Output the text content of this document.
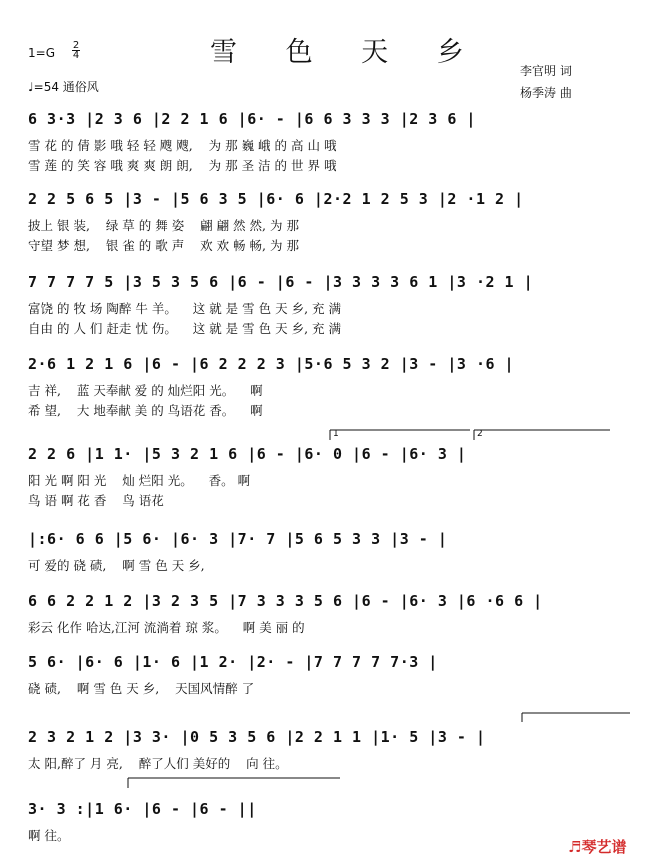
雪 色 天 乡
1=G
2
4
♩=54 通俗风
李官明 词
杨季涛 曲
6 3·3 |2 3 6 |2 2 1 6 |6· - |6 6 3 3 3 |2 3 6 |
雪 花 的 倩 影 哦 轻 轻 飕 飕,    为 那 巍 峨 的 高 山 哦
雪 莲 的 笑 容 哦 爽 爽 朗 朗,    为 那 圣 洁 的 世 界 哦
2 2 5 6 5 |3 - |5 6 3 5 |6· 6 |2·2 1 2 5 3 |2 ·1 2 |
披上 银 装,    绿 草 的 舞 姿    翩 翩 然 然, 为 那
守望 梦 想,    银 雀 的 歌 声    欢 欢 畅 畅, 为 那
7 7 7 7 5 |3 5 3 5 6 |6 - |6 - |3 3 3 3 6 1 |3 ·2 1 |
富饶 的 牧 场 陶醉 牛 羊。    这 就 是 雪 色 天 乡, 充 满
自由 的 人 们 赶走 忧 伤。    这 就 是 雪 色 天 乡, 充 满
2·6 1 2 1 6 |6 - |6 2 2 2 3 |5·6 5 3 2 |3 - |3 ·6 |
吉 祥,    蓝 天奉献 爱 的 灿烂阳 光。    啊
希 望,    大 地奉献 美 的 鸟语花 香。    啊
2 2 6 |1 1· |5 3 2 1 6 |6 - |6· 0 |6 - |6· 3 |
阳 光 啊 阳 光    灿 烂阳 光。    香。 啊
鸟 语 啊 花 香    鸟 语花
|:6· 6 6 |5 6· |6· 3 |7· 7 |5 6 5 3 3 |3 - |
可 爱的 硗 碛,    啊 雪 色 天 乡,
6 6 2 2 1 2 |3 2 3 5 |7 3 3 3 5 6 |6 - |6· 3 |6 ·6 6 |
彩云 化作 哈达,江河 流淌着 琼 浆。    啊 美 丽 的
5 6· |6· 6 |1· 6 |1 2· |2· - |7 7 7 7 7·3 |
硗 碛,    啊 雪 色 天 乡,    天国风情醉 了
2 3 2 1 2 |3 3· |0 5 3 5 6 |2 2 1 1 |1· 5 |3 - |
太 阳,醉了 月 亮,    醉了人们 美好的    向 往。
3· 3 :|1 6· |6 - |6 - ||
啊 往。
1	2
♬琴艺谱
